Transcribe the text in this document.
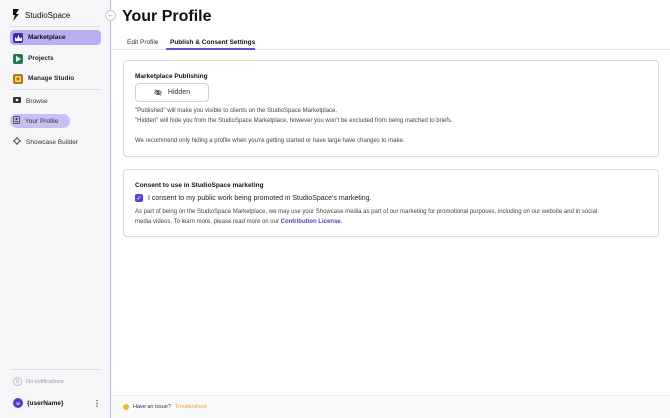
StudioSpace	←
Marketplace
Projects
Manage Studio
Browse
Your Profile
Showcase Builder
0	No notifications
U	{userName}	⋮
Your Profile
Edit Profile Publish & Consent Settings
Marketplace Publishing
Hidden
"Published" will make you visible to clients on the StudioSpace Marketplace.
"Hidden" will hide you from the StudioSpace Marketplace, however you won't be excluded from being matched to briefs.
We recommend only hiding a profile when you're getting started or have large have changes to make.
Consent to use in StudioSpace marketing
✓ I consent to my public work being promoted in StudioSpace's marketing.
As part of being on the StudioSpace Marketplace, we may use your Showcase media as part of our marketing for promotional purposes, including on our website and in social
media videos. To learn more, please read more on our Contribution License.
Have an issue? Troubleshoot
